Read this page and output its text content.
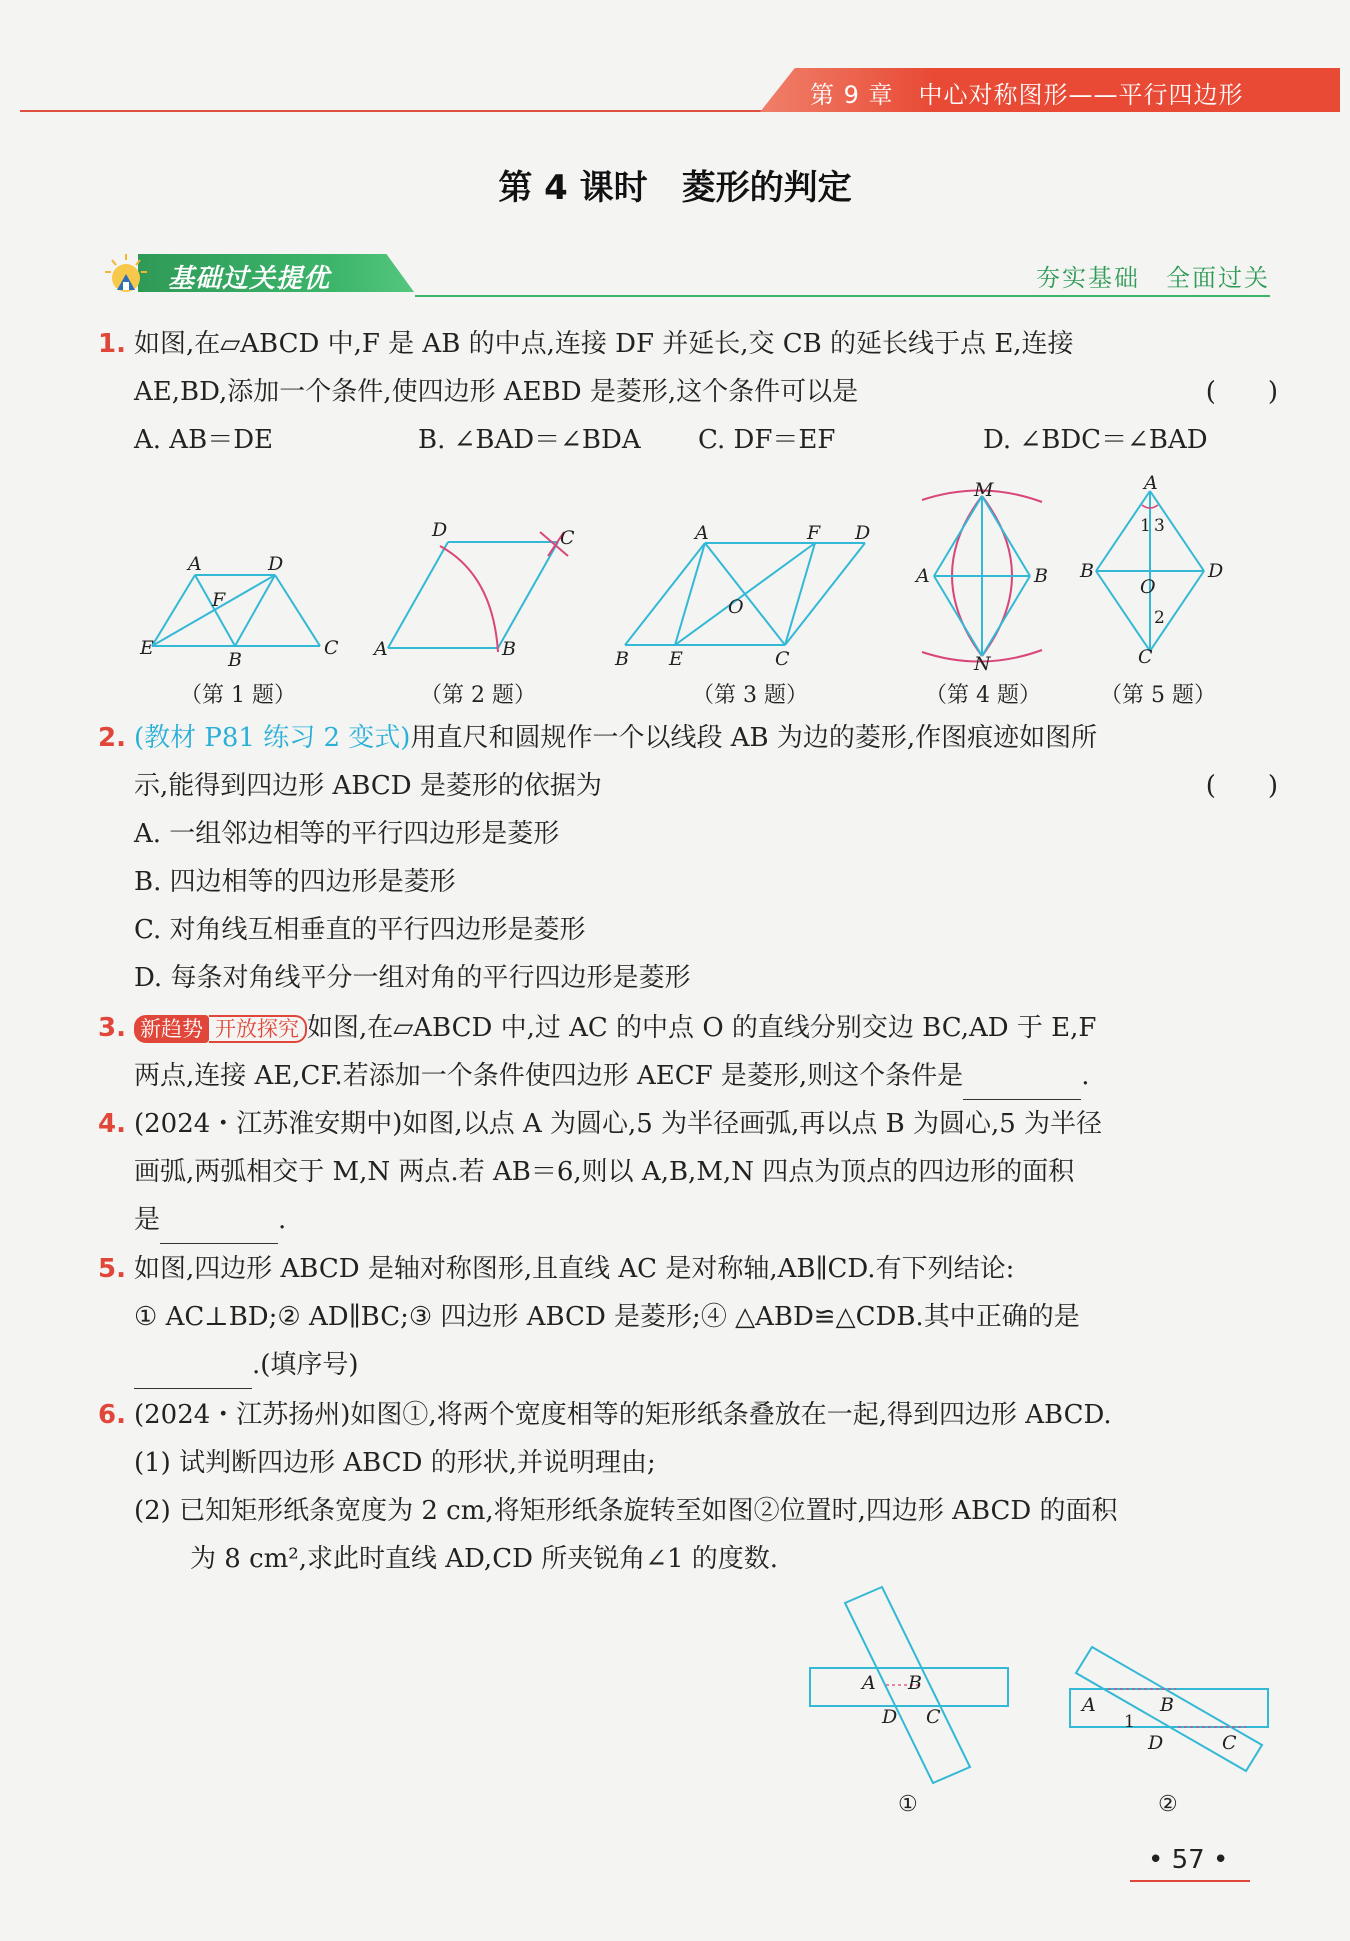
第 9 章　中心对称图形——平行四边形
第 4 课时　菱形的判定
基础过关提优	夯实基础　全面过关
1. 如图,在▱ABCD 中,F 是 AB 的中点,连接 DF 并延长,交 CB 的延长线于点 E,连接
AE,BD,添加一个条件,使四边形 AEBD 是菱形,这个条件可以是	(　　)
A. AB＝DE	B. ∠BAD＝∠BDA C. DF＝EF	D. ∠BDC＝∠BAD
A	D
F
E
B
C
（第 1 题）
D	C
A	B
（第 2 题）
A	F D
O
B E	C
（第 3 题）
M
A	B
N
（第 4 题）
A
1 3
B	D
O
2
C
（第 5 题）
2. (教材 P81 练习 2 变式)用直尺和圆规作一个以线段 AB 为边的菱形,作图痕迹如图所
示,能得到四边形 ABCD 是菱形的依据为	(　　)
A. 一组邻边相等的平行四边形是菱形
B. 四边相等的四边形是菱形
C. 对角线互相垂直的平行四边形是菱形
D. 每条对角线平分一组对角的平行四边形是菱形
3. 新趋势 开放探究 如图,在▱ABCD 中,过 AC 的中点 O 的直线分别交边 BC,AD 于 E,F
两点,连接 AE,CF.若添加一个条件使四边形 AECF 是菱形,则这个条件是	.
4. (2024・江苏淮安期中)如图,以点 A 为圆心,5 为半径画弧,再以点 B 为圆心,5 为半径
画弧,两弧相交于 M,N 两点.若 AB＝6,则以 A,B,M,N 四点为顶点的四边形的面积
是	.
5. 如图,四边形 ABCD 是轴对称图形,且直线 AC 是对称轴,AB∥CD.有下列结论:
① AC⊥BD;② AD∥BC;③ 四边形 ABCD 是菱形;④ △ABD≌△CDB.其中正确的是
.(填序号)
6. (2024・江苏扬州)如图①,将两个宽度相等的矩形纸条叠放在一起,得到四边形 ABCD.
(1) 试判断四边形 ABCD 的形状,并说明理由;
(2) 已知矩形纸条宽度为 2 cm,将矩形纸条旋转至如图②位置时,四边形 ABCD 的面积
为 8 cm²,求此时直线 AD,CD 所夹锐角∠1 的度数.
A B
D C
①
A	B
1
D	C
②
• 57 •
